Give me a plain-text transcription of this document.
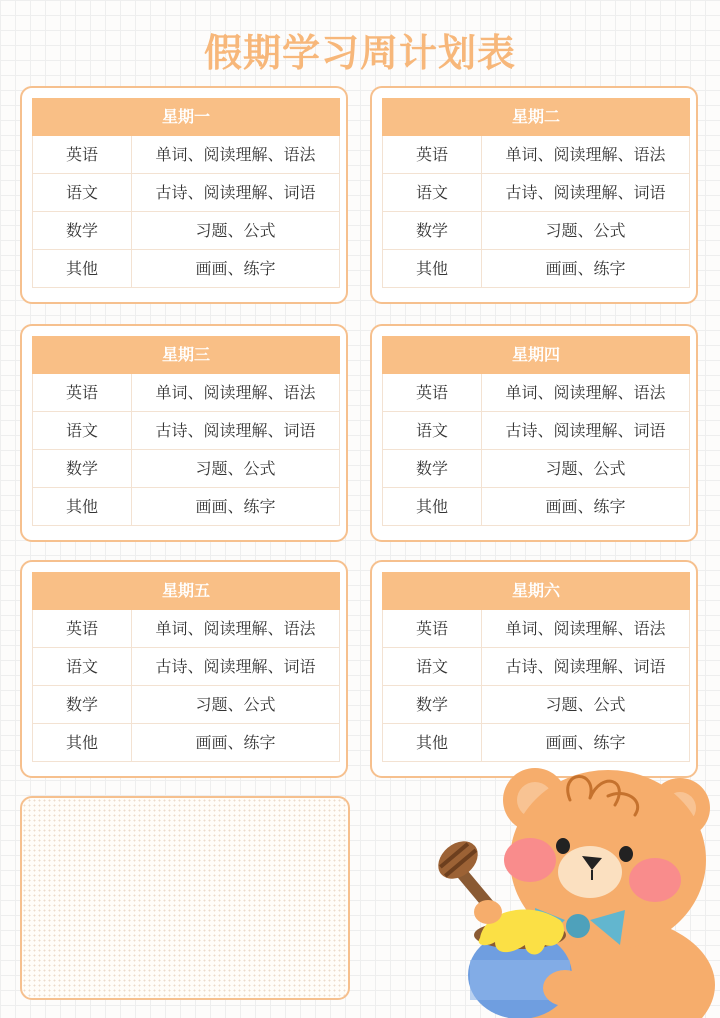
假期学习周计划表
星期一
英语	单词、阅读理解、语法
语文	古诗、阅读理解、词语
数学	习题、公式
其他	画画、练字
星期二
英语	单词、阅读理解、语法
语文	古诗、阅读理解、词语
数学	习题、公式
其他	画画、练字
星期三
英语	单词、阅读理解、语法
语文	古诗、阅读理解、词语
数学	习题、公式
其他	画画、练字
星期四
英语	单词、阅读理解、语法
语文	古诗、阅读理解、词语
数学	习题、公式
其他	画画、练字
星期五
英语	单词、阅读理解、语法
语文	古诗、阅读理解、词语
数学	习题、公式
其他	画画、练字
星期六
英语	单词、阅读理解、语法
语文	古诗、阅读理解、词语
数学	习题、公式
其他	画画、练字
